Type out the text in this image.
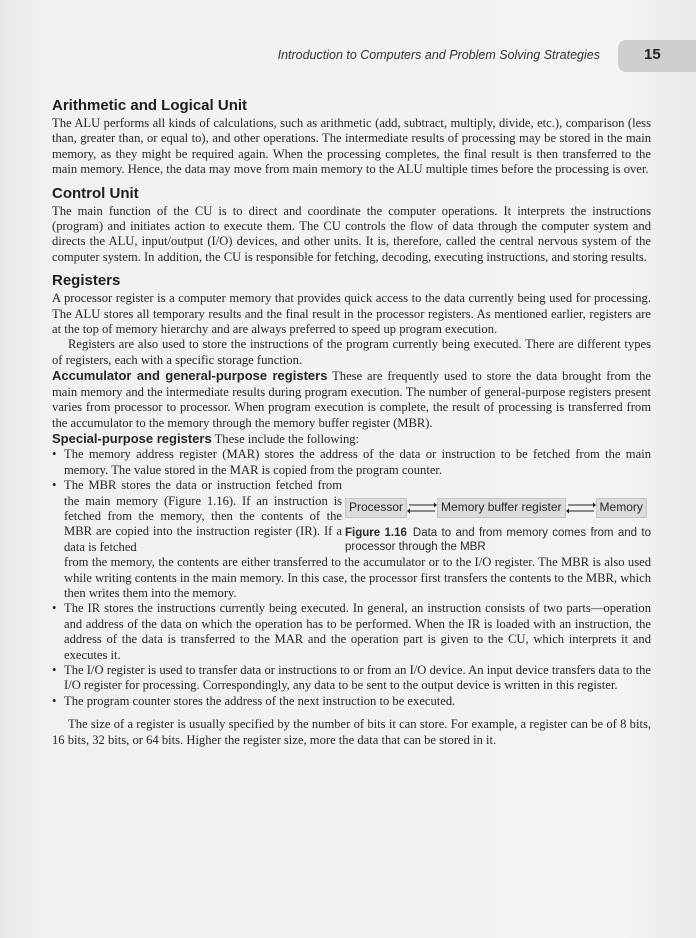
Introduction to Computers and Problem Solving Strategies	15
Arithmetic and Logical Unit

The ALU performs all kinds of calculations, such as arithmetic (add, subtract, multiply, divide, etc.), comparison (less than, greater than, or equal to), and other operations. The intermediate results of processing may be stored in the main memory, as they might be required again. When the processing completes, the final result is then transferred to the main memory. Hence, the data may move from main memory to the ALU multiple times before the processing is over.

Control Unit

The main function of the CU is to direct and coordinate the computer operations. It interprets the instructions (program) and initiates action to execute them. The CU controls the flow of data through the computer system and directs the ALU, input/output (I/O) devices, and other units. It is, therefore, called the central nervous system of the computer system. In addition, the CU is responsible for fetching, decoding, executing instructions, and storing results.

Registers

A processor register is a computer memory that provides quick access to the data currently being used for processing. The ALU stores all temporary results and the final result in the processor registers. As mentioned earlier, registers are at the top of memory hierarchy and are always preferred to speed up program execution.

Registers are also used to store the instructions of the program currently being executed. There are different types of registers, each with a specific storage function.

Accumulator and general-purpose registers These are frequently used to store the data brought from the main memory and the intermediate results during program execution. The number of general-purpose registers present varies from processor to processor. When program execution is complete, the result of processing is transferred from the accumulator to the memory through the memory buffer register (MBR).

Special-purpose registers These include the following:

• The memory address register (MAR) stores the address of the data or instruction to be fetched from the main memory. The value stored in the MAR is copied from the program counter.
• The MBR stores the data or instruction fetched from the main memory (Figure 1.16). If an instruction is fetched from the memory, then the contents of the MBR are copied into the instruction register (IR). If a data is fetched
Processor	Memory buffer register	Memory
Figure 1.16 Data to and from memory comes from and to processor through the MBR
from the memory, the contents are either transferred to the accumulator or to the I/O register. The MBR is also used while writing contents in the main memory. In this case, the processor first transfers the contents to the MBR, which then writes them into the memory.
• The IR stores the instructions currently being executed. In general, an instruction consists of two parts—operation and address of the data on which the operation has to be performed. When the IR is loaded with an instruction, the address of the data is transferred to the MAR and the operation part is given to the CU, which interprets it and executes it.
• The I/O register is used to transfer data or instructions to or from an I/O device. An input device transfers data to the I/O register for processing. Correspondingly, any data to be sent to the output device is written in this register.
• The program counter stores the address of the next instruction to be executed.

The size of a register is usually specified by the number of bits it can store. For example, a register can be of 8 bits, 16 bits, 32 bits, or 64 bits. Higher the register size, more the data that can be stored in it.
